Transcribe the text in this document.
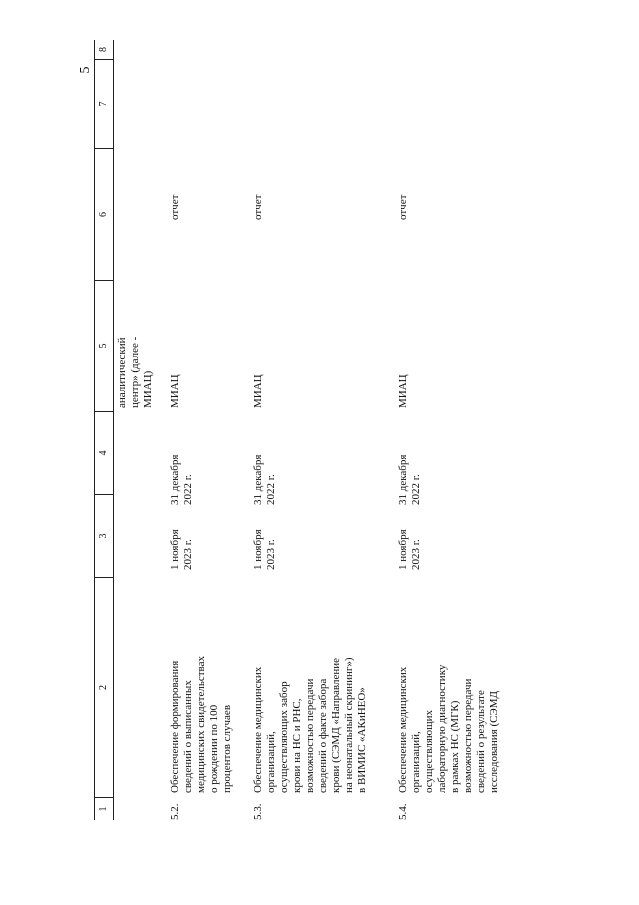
5
1
2
3
4
5
6
7
8
аналитический
центр» (далее -
МИАЦ)
5.2.
Обеспечение формирования
сведений о выписанных
медицинских свидетельствах
о рождении по 100
процентов случаев
1 ноября
2023 г.
31 декабря
2022 г.
МИАЦ
отчет
5.3.
Обеспечение медицинских
организаций,
осуществляющих забор
крови на НС и РНС,
возможностью передачи
сведений о факте забора
крови (СЭМД «Направление
на неонатальный скрининг»)
в ВИМИС «АКиНЕО»
1 ноября
2023 г.
31 декабря
2022 г.
МИАЦ
отчет
5.4.
Обеспечение медицинских
организаций,
осуществляющих
лабораторную диагностику
в рамках НС (МГК)
возможностью передачи
сведений о результате
исследования (СЭМД
1 ноября
2023 г.
31 декабря
2022 г.
МИАЦ
отчет
